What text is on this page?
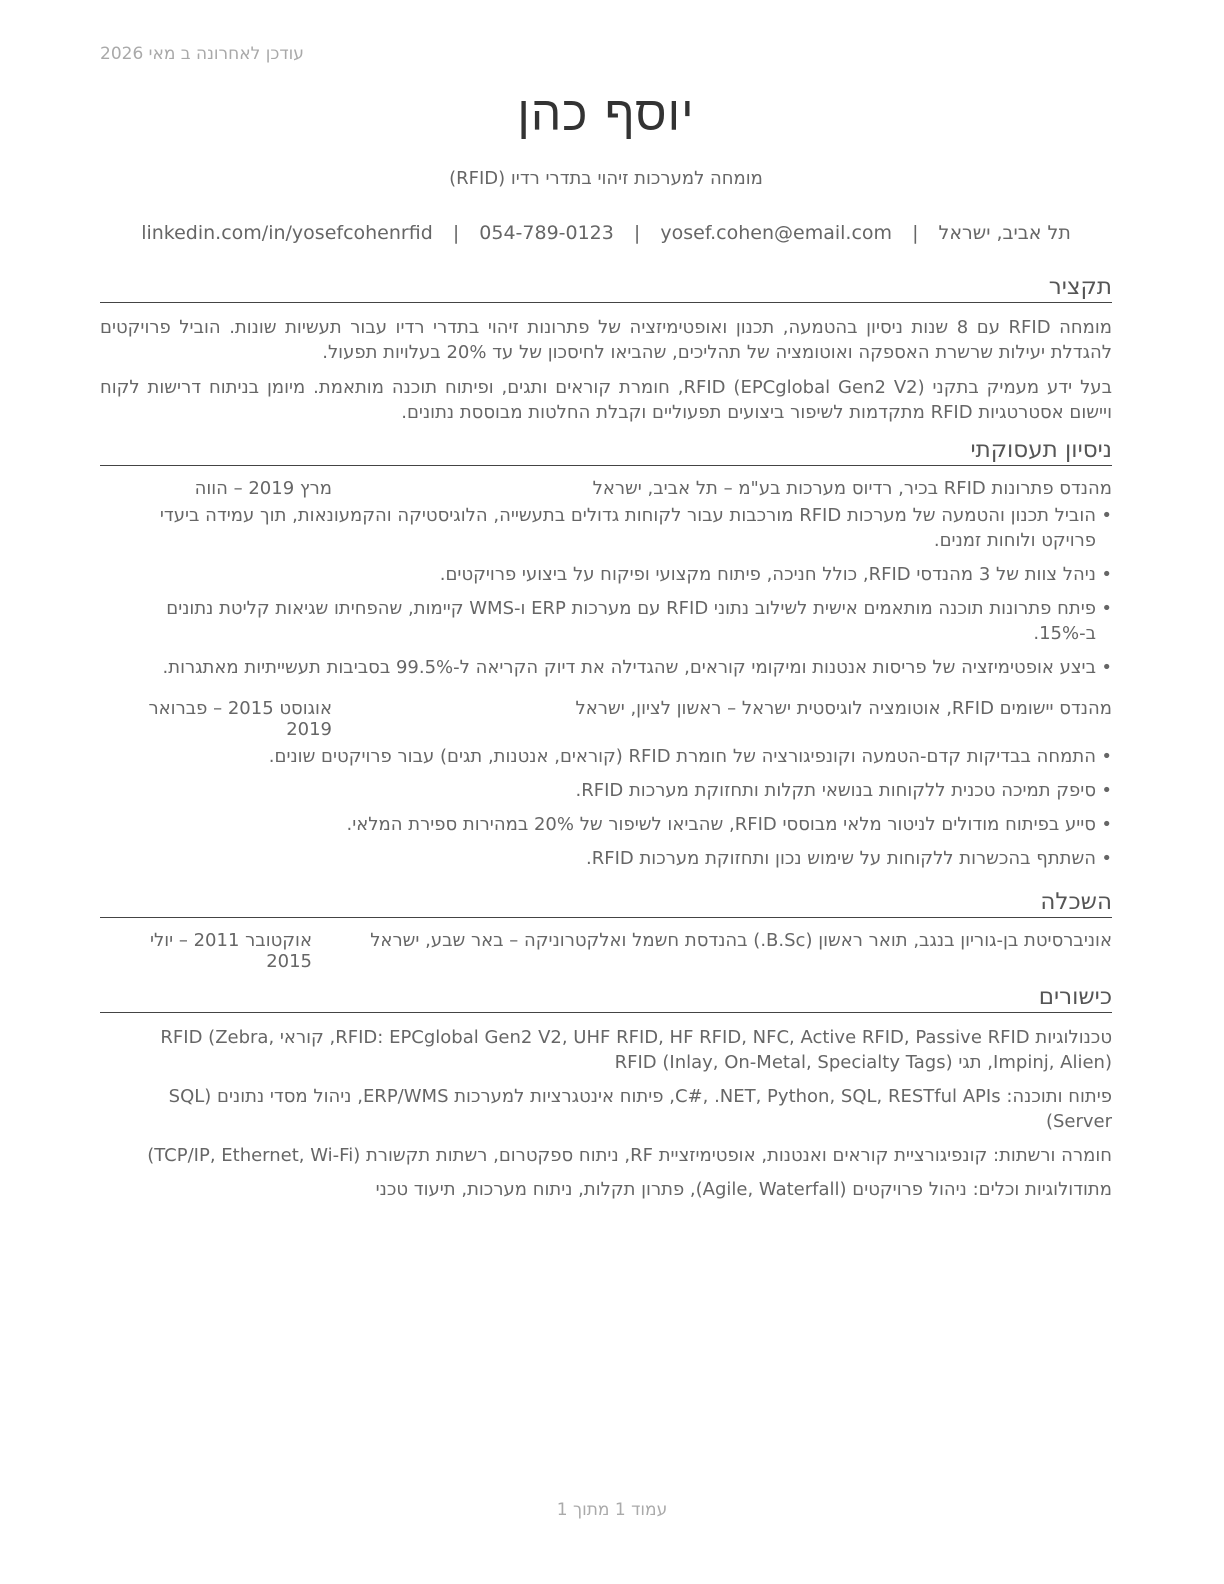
עודכן לאחרונה ב מאי 2026
יוסף כהן
מומחה למערכות זיהוי בתדרי רדיו (RFID)
תל אביב, ישראל | yosef.cohen@email.com | 054-789-0123 | linkedin.com/in/yosefcohenrfid
תקציר

מומחה RFID עם 8 שנות ניסיון בהטמעה, תכנון ואופטימיזציה של פתרונות זיהוי בתדרי רדיו עבור תעשיות שונות. הוביל פרויקטים להגדלת יעילות שרשרת האספקה ואוטומציה של תהליכים, שהביאו לחיסכון של עד 20% בעלויות תפעול.

בעל ידע מעמיק בתקני RFID (EPCglobal Gen2 V2), חומרת קוראים ותגים, ופיתוח תוכנה מותאמת. מיומן בניתוח דרישות לקוח ויישום אסטרטגיות RFID מתקדמות לשיפור ביצועים תפעוליים וקבלת החלטות מבוססת נתונים.

ניסיון תעסוקתי
מהנדס פתרונות RFID בכיר, רדיוס מערכות בע"מ – תל אביב, ישראל
מרץ 2019 – הווה
• הוביל תכנון והטמעה של מערכות RFID מורכבות עבור לקוחות גדולים בתעשייה, הלוגיסטיקה והקמעונאות, תוך עמידה ביעדי פרויקט ולוחות זמנים.
• ניהל צוות של 3 מהנדסי RFID, כולל חניכה, פיתוח מקצועי ופיקוח על ביצועי פרויקטים.
• פיתח פתרונות תוכנה מותאמים אישית לשילוב נתוני RFID עם מערכות ERP ו-WMS קיימות, שהפחיתו שגיאות קליטת נתונים ב-15%.
• ביצע אופטימיזציה של פריסות אנטנות ומיקומי קוראים, שהגדילה את דיוק הקריאה ל-99.5% בסביבות תעשייתיות מאתגרות.
מהנדס יישומים RFID, אוטומציה לוגיסטית ישראל – ראשון לציון, ישראל
אוגוסט 2015 – פברואר 2019
• התמחה בבדיקות קדם-הטמעה וקונפיגורציה של חומרת RFID (קוראים, אנטנות, תגים) עבור פרויקטים שונים.
• סיפק תמיכה טכנית ללקוחות בנושאי תקלות ותחזוקת מערכות RFID.
• סייע בפיתוח מודולים לניטור מלאי מבוססי RFID, שהביאו לשיפור של 20% במהירות ספירת המלאי.
• השתתף בהכשרות ללקוחות על שימוש נכון ותחזוקת מערכות RFID.
השכלה
אוניברסיטת בן-גוריון בנגב, תואר ראשון (B.Sc.) בהנדסת חשמל ואלקטרוניקה – באר שבע, ישראל
אוקטובר 2011 – יולי 2015
כישורים

טכנולוגיות RFID: EPCglobal Gen2 V2, UHF RFID, HF RFID, NFC, Active RFID, Passive RFID, קוראי RFID (Zebra, Impinj, Alien), תגי RFID (Inlay, On-Metal, Specialty Tags)

פיתוח ותוכנה: C#, .NET, Python, SQL, RESTful APIs, פיתוח אינטגרציות למערכות ERP/WMS, ניהול מסדי נתונים (SQL Server)

חומרה ורשתות: קונפיגורציית קוראים ואנטנות, אופטימיזציית RF, ניתוח ספקטרום, רשתות תקשורת (TCP/IP, Ethernet, Wi-Fi)

מתודולוגיות וכלים: ניהול פרויקטים (Agile, Waterfall), פתרון תקלות, ניתוח מערכות, תיעוד טכני

עמוד 1 מתוך 1
